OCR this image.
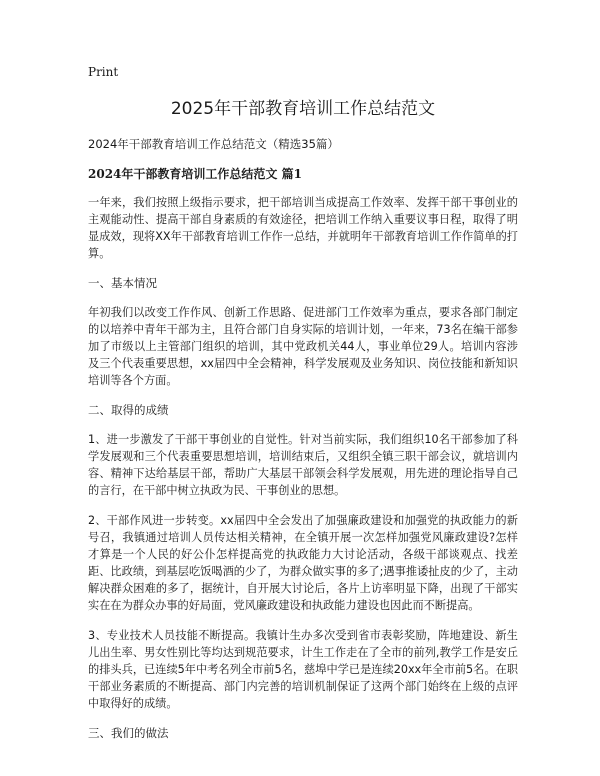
Print
2025年干部教育培训工作总结范文
2024年干部教育培训工作总结范文（精选35篇）
2024年干部教育培训工作总结范文 篇1

一年来，我们按照上级指示要求，把干部培训当成提高工作效率、发挥干部干事创业的主观能动性、提高干部自身素质的有效途径，把培训工作纳入重要议事日程，取得了明显成效，现将XX年干部教育培训工作作一总结，并就明年干部教育培训工作作简单的打算。

一、基本情况

年初我们以改变工作作风、创新工作思路、促进部门工作效率为重点，要求各部门制定的以培养中青年干部为主，且符合部门自身实际的培训计划，一年来，73名在编干部参加了市级以上主管部门组织的培训，其中党政机关44人，事业单位29人。培训内容涉及三个代表重要思想，xx届四中全会精神，科学发展观及业务知识、岗位技能和新知识培训等各个方面。

二、取得的成绩

1、进一步激发了干部干事创业的自觉性。针对当前实际，我们组织10名干部参加了科学发展观和三个代表重要思想培训，培训结束后，又组织全镇三职干部会议，就培训内容、精神下达给基层干部，帮助广大基层干部领会科学发展观，用先进的理论指导自己的言行，在干部中树立执政为民、干事创业的思想。

2、干部作风进一步转变。xx届四中全会发出了加强廉政建设和加强党的执政能力的新号召，我镇通过培训人员传达相关精神，在全镇开展一次怎样加强党风廉政建设?怎样才算是一个人民的好公仆怎样提高党的执政能力大讨论活动，各级干部谈观点、找差距、比政绩，到基层吃饭喝酒的少了，为群众做实事的多了;遇事推诿扯皮的少了，主动解决群众困难的多了，据统计，自开展大讨论后，各片上访率明显下降，出现了干部实实在在为群众办事的好局面，党风廉政建设和执政能力建设也因此而不断提高。

3、专业技术人员技能不断提高。我镇计生办多次受到省市表彰奖励，阵地建设、新生儿出生率、男女性别比等均达到规范要求，计生工作走在了全市的前列,教学工作是安丘的排头兵，已连续5年中考名列全市前5名，慈埠中学已是连续20xx年全市前5名。在职干部业务素质的不断提高、部门内完善的培训机制保证了这两个部门始终在上级的点评中取得好的成绩。

三、我们的做法
